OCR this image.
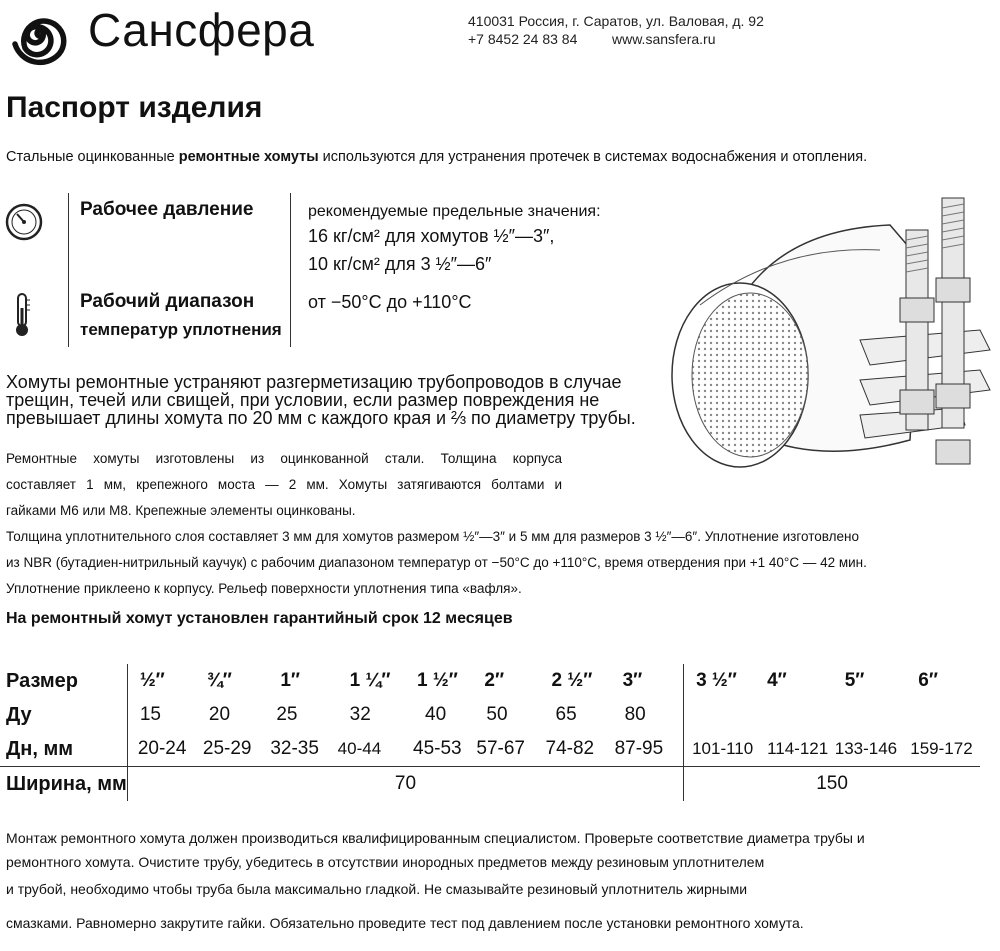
Сансфера	410031 Россия, г. Саратов, ул. Валовая, д. 92
+7 8452 24 83 84 www.sansfera.ru
Паспорт изделия
Стальные оцинкованные ремонтные хомуты используются для устранения протечек в системах водоснабжения и отопления.
Рабочее давление	рекомендуемые предельные значения:
16 кг/см² для хомутов ½″—3″,
10 кг/см² для 3 ½″—6″
Рабочий диапазон
температур уплотнения
от −50°С до +110°С
Хомуты ремонтные устраняют разгерметизацию трубопроводов в случае
трещин, течей или свищей, при условии, если размер повреждения не
превышает длины хомута по 20 мм с каждого края и ⅔ по диаметру трубы.
Ремонтные хомуты изготовлены из оцинкованной стали. Толщина корпуса
составляет 1 мм, крепежного моста — 2 мм. Хомуты затягиваются болтами и
гайками М6 или М8. Крепежные элементы оцинкованы.
Толщина уплотнительного слоя составляет 3 мм для хомутов размером ½″—3″ и 5 мм для размеров 3 ½″—6″. Уплотнение изготовлено
из NBR (бутадиен-нитрильный каучук) с рабочим диапазоном температур от −50°С до +110°С, время отвердения при +1 40°С — 42 мин.
Уплотнение приклеено к корпусу. Рельеф поверхности уплотнения типа «вафля».
На ремонтный хомут установлен гарантийный срок 12 месяцев
Размер	½″	¾″	1″	1 ¼″	1 ½″	2″	2 ½″	3″	3 ½″	4″	5″	6″
Ду	15	20	25	32	40	50	65	80				
Дн, мм	20-24	25-29	32-35	40-44	45-53	57-67	74-82	87-95	101-110	114-121	133-146	159-172
Ширина, мм	70								150			
Монтаж ремонтного хомута должен производиться квалифицированным специалистом. Проверьте соответствие диаметра трубы и
ремонтного хомута. Очистите трубу, убедитесь в отсутствии инородных предметов между резиновым уплотнителем
и трубой, необходимо чтобы труба была максимально гладкой. Не смазывайте резиновый уплотнитель жирными
смазками. Равномерно закрутите гайки. Обязательно проведите тест под давлением после установки ремонтного хомута.
